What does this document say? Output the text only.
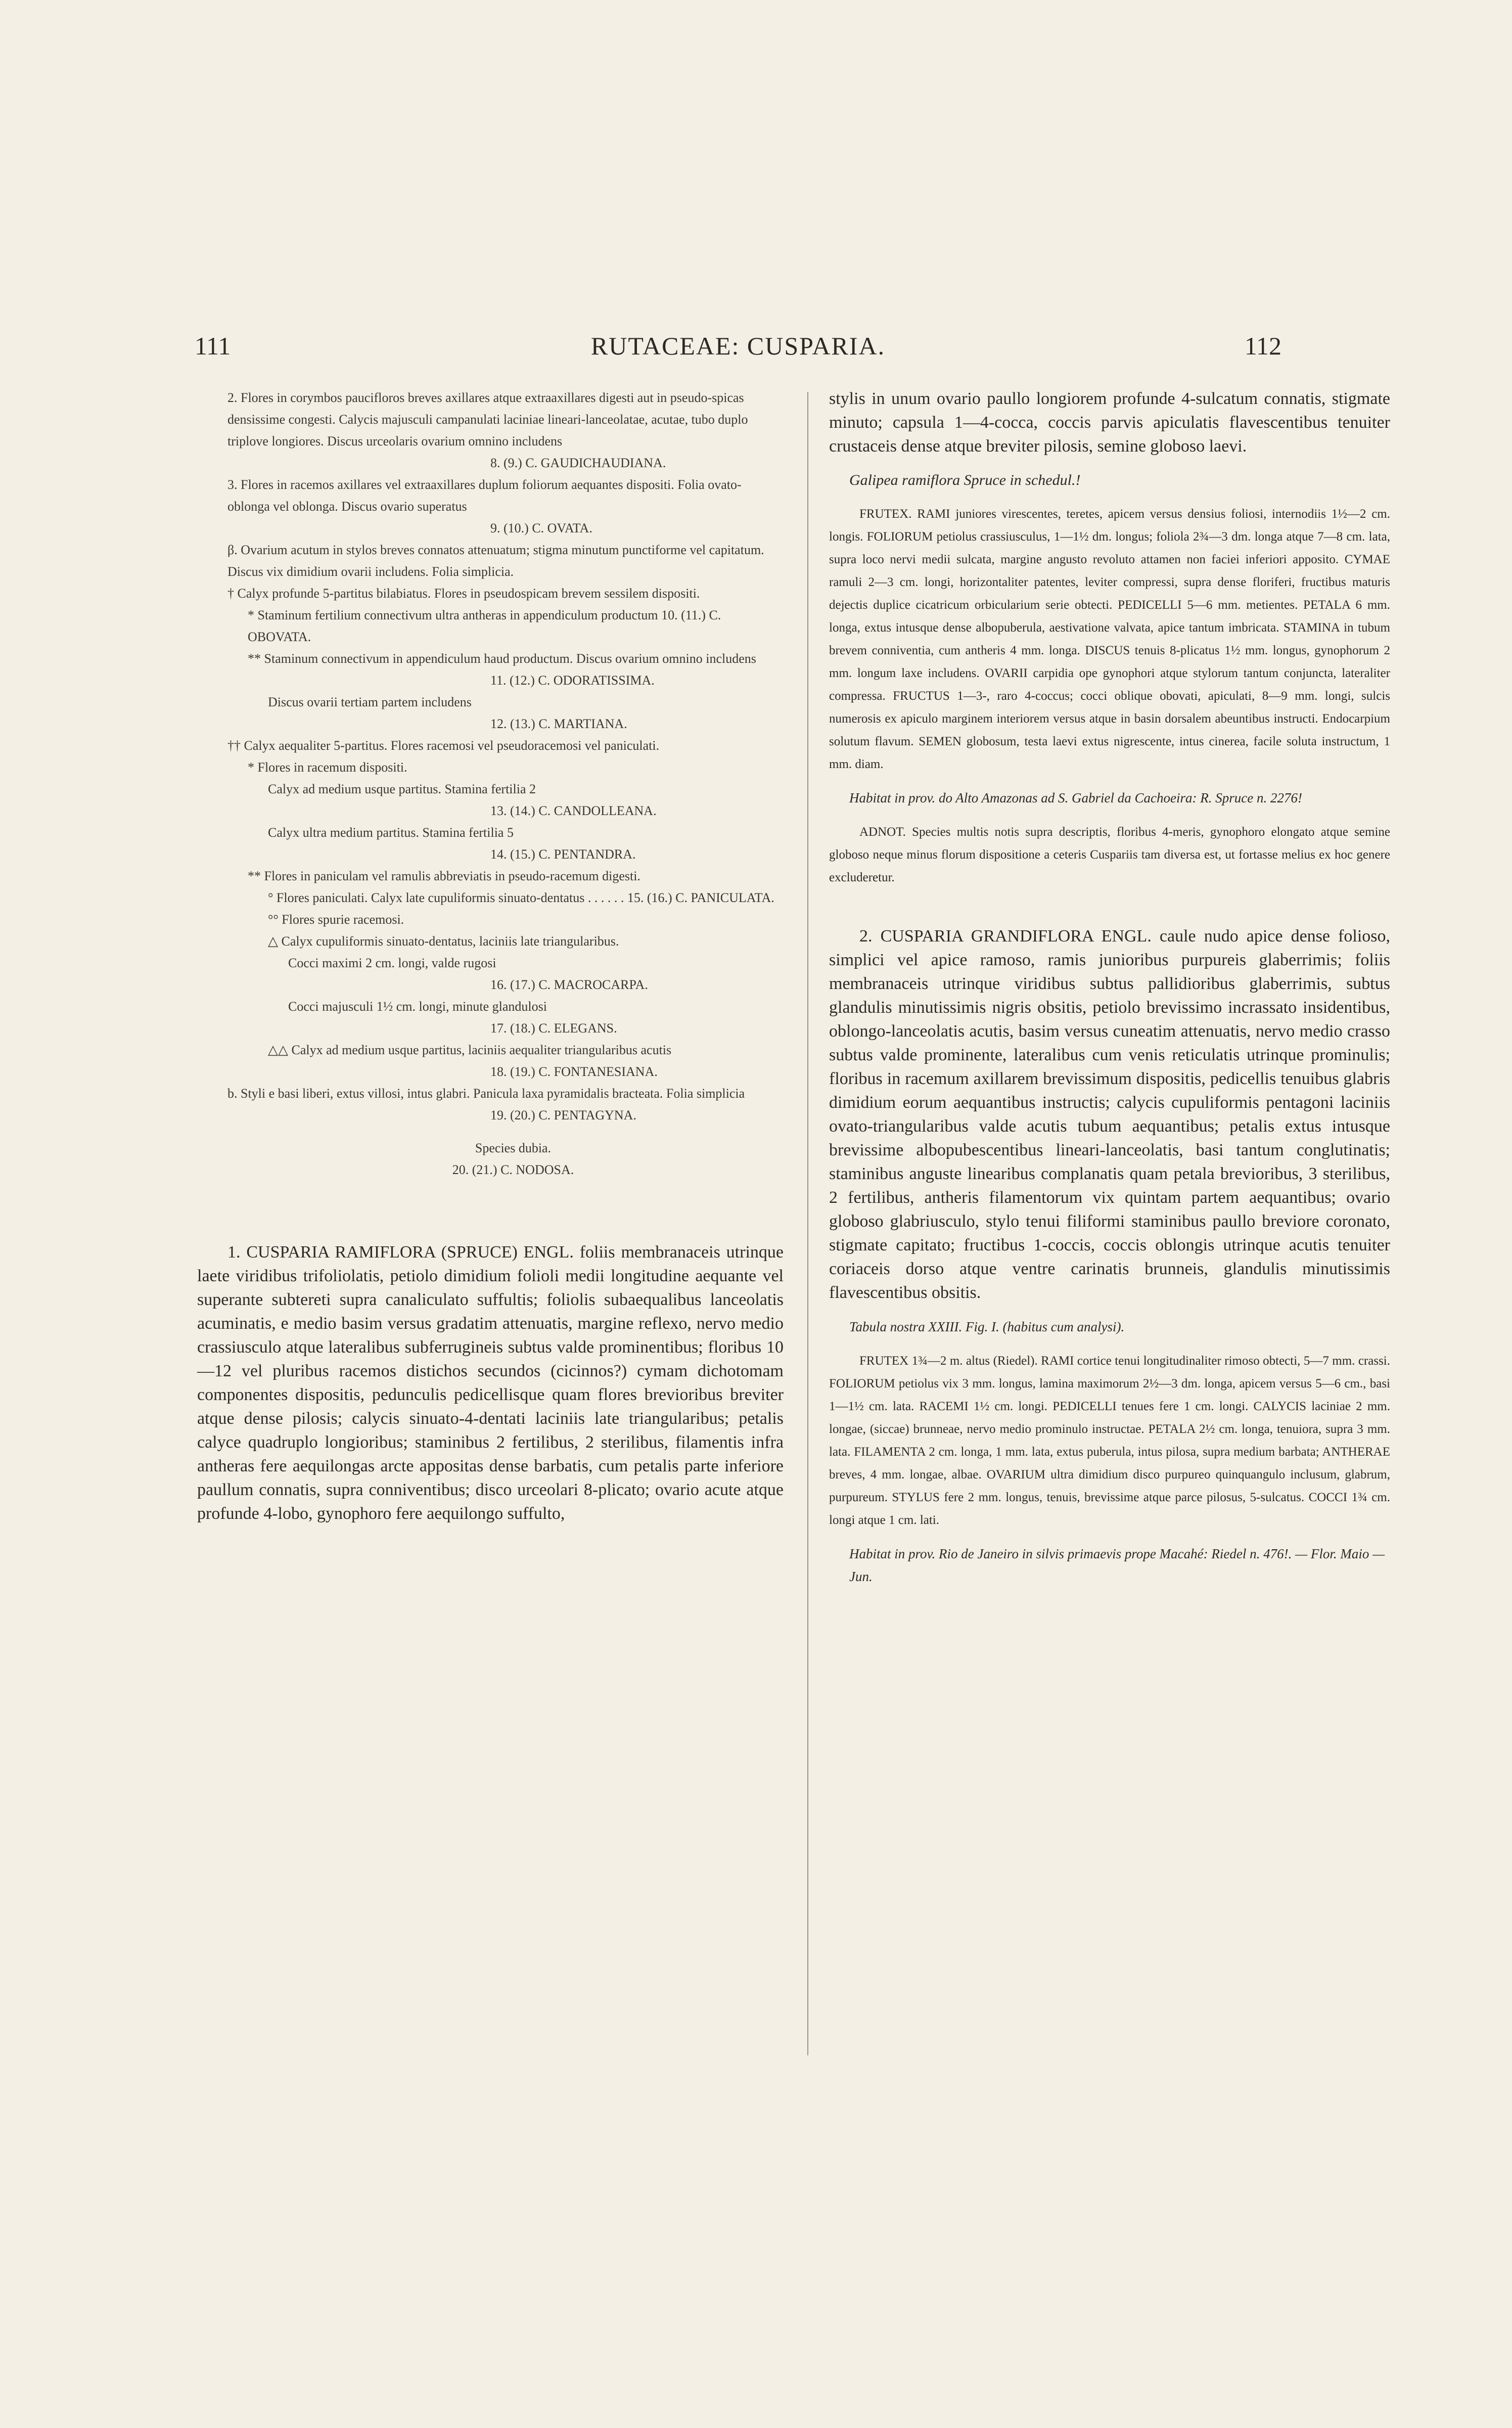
111	RUTACEAE: CUSPARIA.	112

2. Flores in corymbos paucifloros breves axillares atque extraaxillares digesti aut in pseudo-spicas densissime congesti. Calycis majusculi campanulati laciniae lineari-lanceolatae, acutae, tubo duplo triplove longiores. Discus urceolaris ovarium omnino includens

8. (9.) C. GAUDICHAUDIANA.

3. Flores in racemos axillares vel extraaxillares duplum foliorum aequantes dispositi. Folia ovato-oblonga vel oblonga. Discus ovario superatus

9. (10.) C. OVATA.

β. Ovarium acutum in stylos breves connatos attenuatum; stigma minutum punctiforme vel capitatum. Discus vix dimidium ovarii includens. Folia simplicia.

† Calyx profunde 5-partitus bilabiatus. Flores in pseudospicam brevem sessilem dispositi.

* Staminum fertilium connectivum ultra antheras in appendiculum productum 10. (11.) C. OBOVATA.

** Staminum connectivum in appendiculum haud productum. Discus ovarium omnino includens

11. (12.) C. ODORATISSIMA.

Discus ovarii tertiam partem includens

12. (13.) C. MARTIANA.

†† Calyx aequaliter 5-partitus. Flores racemosi vel pseudoracemosi vel paniculati.

* Flores in racemum dispositi.

Calyx ad medium usque partitus. Stamina fertilia 2

13. (14.) C. CANDOLLEANA.

Calyx ultra medium partitus. Stamina fertilia 5

14. (15.) C. PENTANDRA.

** Flores in paniculam vel ramulis abbreviatis in pseudo-racemum digesti.

° Flores paniculati. Calyx late cupuliformis sinuato-dentatus . . . . . . 15. (16.) C. PANICULATA.

°° Flores spurie racemosi.

△ Calyx cupuliformis sinuato-dentatus, laciniis late triangularibus.

Cocci maximi 2 cm. longi, valde rugosi

16. (17.) C. MACROCARPA.

Cocci majusculi 1½ cm. longi, minute glandulosi

17. (18.) C. ELEGANS.

△△ Calyx ad medium usque partitus, laciniis aequaliter triangularibus acutis

18. (19.) C. FONTANESIANA.

b. Styli e basi liberi, extus villosi, intus glabri. Panicula laxa pyramidalis bracteata. Folia simplicia

19. (20.) C. PENTAGYNA.

Species dubia.

20. (21.) C. NODOSA.

1. CUSPARIA RAMIFLORA (SPRUCE) ENGL. foliis membranaceis utrinque laete viridibus trifoliolatis, petiolo dimidium folioli medii longitudine aequante vel superante subtereti supra canaliculato suffultis; foliolis subaequalibus lanceolatis acuminatis, e medio basim versus gradatim attenuatis, margine reflexo, nervo medio crassiusculo atque lateralibus subferrugineis subtus valde prominentibus; floribus 10—12 vel pluribus racemos distichos secundos (cicinnos?) cymam dichotomam componentes dispositis, pedunculis pedicellisque quam flores brevioribus breviter atque dense pilosis; calycis sinuato-4-dentati laciniis late triangularibus; petalis calyce quadruplo longioribus; staminibus 2 fertilibus, 2 sterilibus, filamentis infra antheras fere aequilongas arcte appositas dense barbatis, cum petalis parte inferiore paullum connatis, supra conniventibus; disco urceolari 8-plicato; ovario acute atque profunde 4-lobo, gynophoro fere aequilongo suffulto,

stylis in unum ovario paullo longiorem profunde 4-sulcatum connatis, stigmate minuto; capsula 1—4-cocca, coccis parvis apiculatis flavescentibus tenuiter crustaceis dense atque breviter pilosis, semine globoso laevi.

Galipea ramiflora Spruce in schedul.!

FRUTEX. RAMI juniores virescentes, teretes, apicem versus densius foliosi, internodiis 1½—2 cm. longis. FOLIORUM petiolus crassiusculus, 1—1½ dm. longus; foliola 2¾—3 dm. longa atque 7—8 cm. lata, supra loco nervi medii sulcata, margine angusto revoluto attamen non faciei inferiori apposito. CYMAE ramuli 2—3 cm. longi, horizontaliter patentes, leviter compressi, supra dense floriferi, fructibus maturis dejectis duplice cicatricum orbicularium serie obtecti. PEDICELLI 5—6 mm. metientes. PETALA 6 mm. longa, extus intusque dense albopuberula, aestivatione valvata, apice tantum imbricata. STAMINA in tubum brevem conniventia, cum antheris 4 mm. longa. DISCUS tenuis 8-plicatus 1½ mm. longus, gynophorum 2 mm. longum laxe includens. OVARII carpidia ope gynophori atque stylorum tantum conjuncta, lateraliter compressa. FRUCTUS 1—3-, raro 4-coccus; cocci oblique obovati, apiculati, 8—9 mm. longi, sulcis numerosis ex apiculo marginem interiorem versus atque in basin dorsalem abeuntibus instructi. Endocarpium solutum flavum. SEMEN globosum, testa laevi extus nigrescente, intus cinerea, facile soluta instructum, 1 mm. diam.

Habitat in prov. do Alto Amazonas ad S. Gabriel da Cachoeira: R. Spruce n. 2276!

ADNOT. Species multis notis supra descriptis, floribus 4-meris, gynophoro elongato atque semine globoso neque minus florum dispositione a ceteris Cuspariis tam diversa est, ut fortasse melius ex hoc genere excluderetur.

2. CUSPARIA GRANDIFLORA ENGL. caule nudo apice dense folioso, simplici vel apice ramoso, ramis junioribus purpureis glaberrimis; foliis membranaceis utrinque viridibus subtus pallidioribus glaberrimis, subtus glandulis minutissimis nigris obsitis, petiolo brevissimo incrassato insidentibus, oblongo-lanceolatis acutis, basim versus cuneatim attenuatis, nervo medio crasso subtus valde prominente, lateralibus cum venis reticulatis utrinque prominulis; floribus in racemum axillarem brevissimum dispositis, pedicellis tenuibus glabris dimidium eorum aequantibus instructis; calycis cupuliformis pentagoni laciniis ovato-triangularibus valde acutis tubum aequantibus; petalis extus intusque brevissime albopubescentibus lineari-lanceolatis, basi tantum conglutinatis; staminibus anguste linearibus complanatis quam petala brevioribus, 3 sterilibus, 2 fertilibus, antheris filamentorum vix quintam partem aequantibus; ovario globoso glabriusculo, stylo tenui filiformi staminibus paullo breviore coronato, stigmate capitato; fructibus 1-coccis, coccis oblongis utrinque acutis tenuiter coriaceis dorso atque ventre carinatis brunneis, glandulis minutissimis flavescentibus obsitis.

Tabula nostra XXIII. Fig. I. (habitus cum analysi).

FRUTEX 1¾—2 m. altus (Riedel). RAMI cortice tenui longitudinaliter rimoso obtecti, 5—7 mm. crassi. FOLIORUM petiolus vix 3 mm. longus, lamina maximorum 2½—3 dm. longa, apicem versus 5—6 cm., basi 1—1½ cm. lata. RACEMI 1½ cm. longi. PEDICELLI tenues fere 1 cm. longi. CALYCIS laciniae 2 mm. longae, (siccae) brunneae, nervo medio prominulo instructae. PETALA 2½ cm. longa, tenuiora, supra 3 mm. lata. FILAMENTA 2 cm. longa, 1 mm. lata, extus puberula, intus pilosa, supra medium barbata; ANTHERAE breves, 4 mm. longae, albae. OVARIUM ultra dimidium disco purpureo quinquangulo inclusum, glabrum, purpureum. STYLUS fere 2 mm. longus, tenuis, brevissime atque parce pilosus, 5-sulcatus. COCCI 1¾ cm. longi atque 1 cm. lati.

Habitat in prov. Rio de Janeiro in silvis primaevis prope Macahé: Riedel n. 476!. — Flor. Maio — Jun.
